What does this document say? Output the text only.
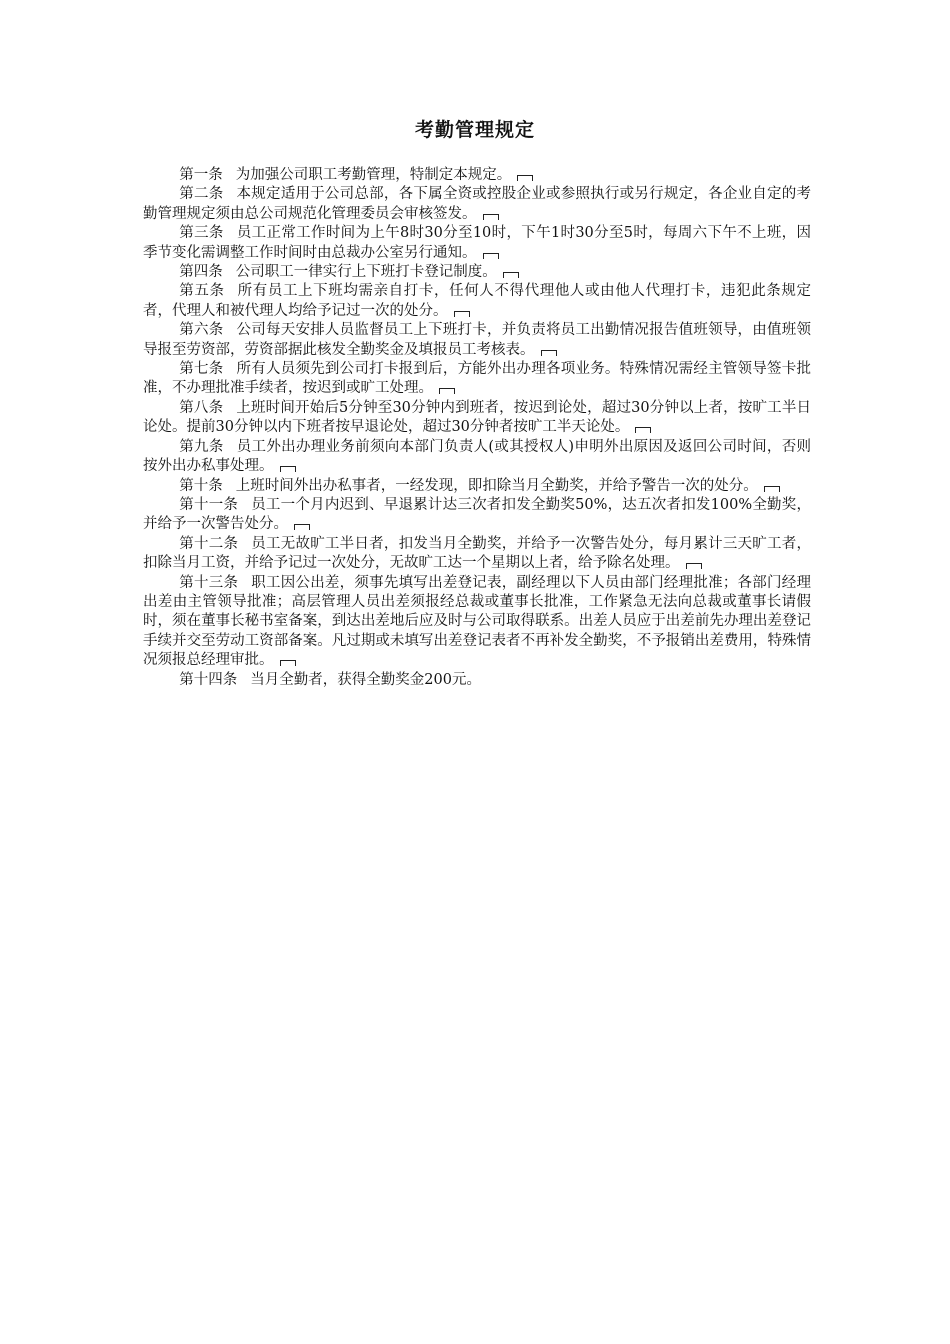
考勤管理规定

第一条 为加强公司职工考勤管理，特制定本规定。

第二条 本规定适用于公司总部，各下属全资或控股企业或参照执行或另行规定，各企业自定的考勤管理规定须由总公司规范化管理委员会审核签发。

第三条 员工正常工作时间为上午8时30分至10时，下午1时30分至5时，每周六下午不上班，因季节变化需调整工作时间时由总裁办公室另行通知。

第四条 公司职工一律实行上下班打卡登记制度。

第五条 所有员工上下班均需亲自打卡，任何人不得代理他人或由他人代理打卡，违犯此条规定者，代理人和被代理人均给予记过一次的处分。

第六条 公司每天安排人员监督员工上下班打卡，并负责将员工出勤情况报告值班领导，由值班领导报至劳资部，劳资部据此核发全勤奖金及填报员工考核表。

第七条 所有人员须先到公司打卡报到后，方能外出办理各项业务。特殊情况需经主管领导签卡批准，不办理批准手续者，按迟到或旷工处理。

第八条 上班时间开始后5分钟至30分钟内到班者，按迟到论处，超过30分钟以上者，按旷工半日论处。提前30分钟以内下班者按早退论处，超过30分钟者按旷工半天论处。

第九条 员工外出办理业务前须向本部门负责人(或其授权人)申明外出原因及返回公司时间，否则按外出办私事处理。

第十条 上班时间外出办私事者，一经发现，即扣除当月全勤奖，并给予警告一次的处分。

第十一条 员工一个月内迟到、早退累计达三次者扣发全勤奖50%，达五次者扣发100%全勤奖，并给予一次警告处分。

第十二条 员工无故旷工半日者，扣发当月全勤奖，并给予一次警告处分，每月累计三天旷工者，扣除当月工资，并给予记过一次处分，无故旷工达一个星期以上者，给予除名处理。

第十三条 职工因公出差，须事先填写出差登记表，副经理以下人员由部门经理批准；各部门经理出差由主管领导批准；高层管理人员出差须报经总裁或董事长批准，工作紧急无法向总裁或董事长请假时，须在董事长秘书室备案，到达出差地后应及时与公司取得联系。出差人员应于出差前先办理出差登记手续并交至劳动工资部备案。凡过期或未填写出差登记表者不再补发全勤奖，不予报销出差费用，特殊情况须报总经理审批。

第十四条 当月全勤者，获得全勤奖金200元。
